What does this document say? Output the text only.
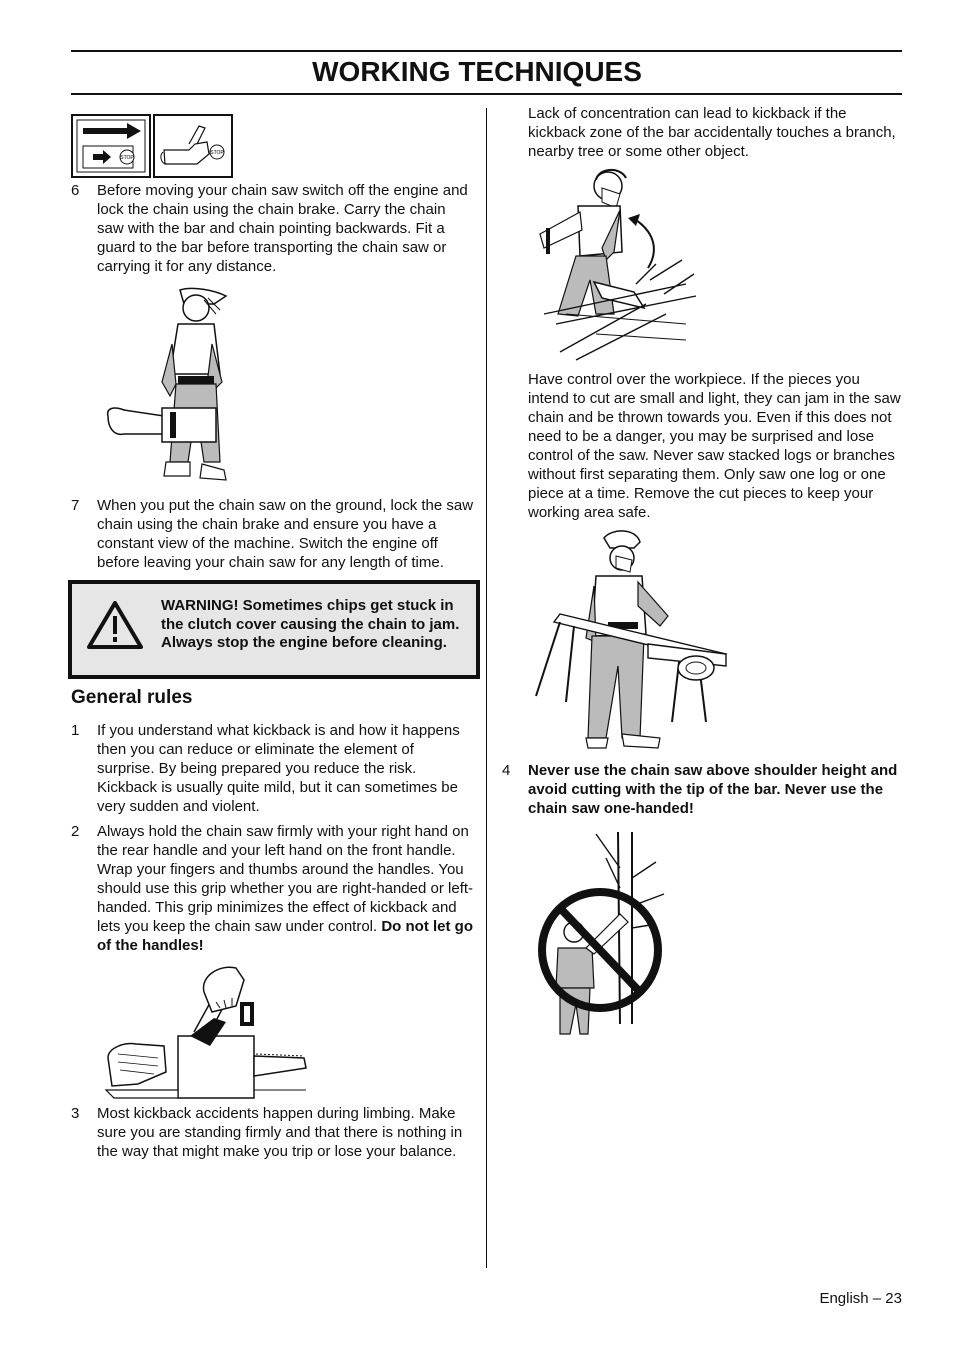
WORKING TECHNIQUES
STOP
STOP
6 Before moving your chain saw switch off the engine and lock the chain using the chain brake. Carry the chain saw with the bar and chain pointing backwards. Fit a guard to the bar before transporting the chain saw or carrying it for any distance.
7 When you put the chain saw on the ground, lock the saw chain using the chain brake and ensure you have a constant view of the machine. Switch the engine off before leaving your chain saw for any length of time.
WARNING! Sometimes chips get stuck in the clutch cover causing the chain to jam. Always stop the engine before cleaning.
General rules
1 If you understand what kickback is and how it happens then you can reduce or eliminate the element of surprise. By being prepared you reduce the risk. Kickback is usually quite mild, but it can sometimes be very sudden and violent.
2 Always hold the chain saw firmly with your right hand on the rear handle and your left hand on the front handle. Wrap your fingers and thumbs around the handles. You should use this grip whether you are right-handed or left-handed. This grip minimizes the effect of kickback and lets you keep the chain saw under control. Do not let go of the handles!
3 Most kickback accidents happen during limbing. Make sure you are standing firmly and that there is nothing in the way that might make you trip or lose your balance.
Lack of concentration can lead to kickback if the kickback zone of the bar accidentally touches a branch, nearby tree or some other object.
Have control over the workpiece. If the pieces you intend to cut are small and light, they can jam in the saw chain and be thrown towards you. Even if this does not need to be a danger, you may be surprised and lose control of the saw. Never saw stacked logs or branches without first separating them. Only saw one log or one piece at a time. Remove the cut pieces to keep your working area safe.
4 Never use the chain saw above shoulder height and avoid cutting with the tip of the bar. Never use the chain saw one-handed!
English – 23
